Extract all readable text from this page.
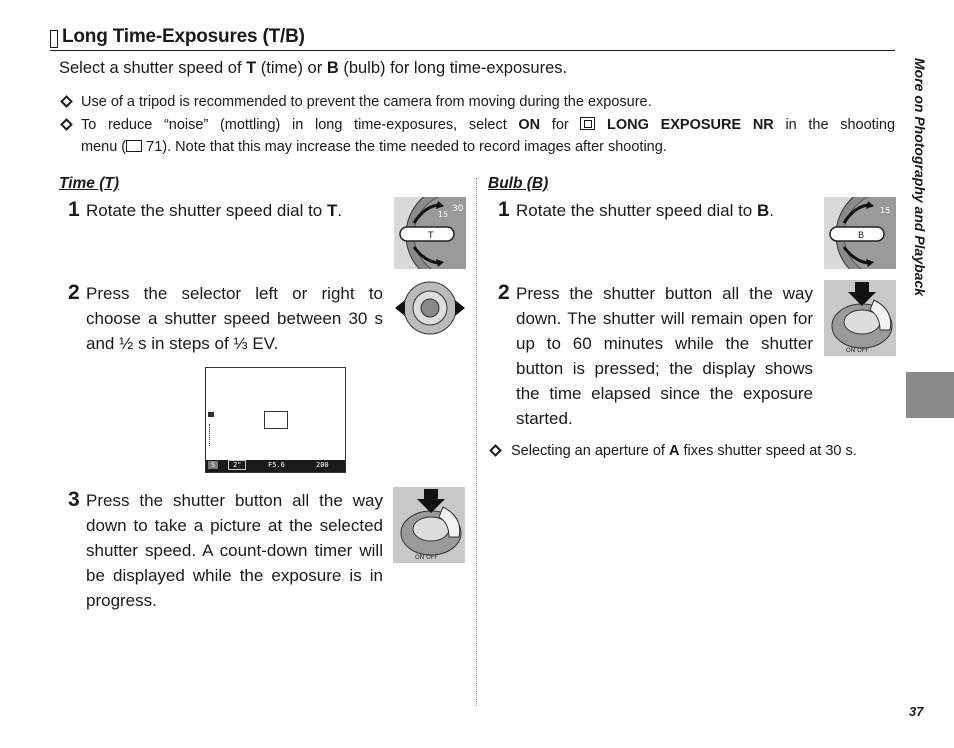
Long Time-Exposures (T/B)
Select a shutter speed of T (time) or B (bulb) for long time-exposures.
Use of a tripod is recommended to prevent the camera from moving during the exposure.
To reduce “noise” (mottling) in long time-exposures, select ON for  LONG EXPOSURE NR in the shooting
menu ( 71). Note that this may increase the time needed to record images after shooting.
Time (T)
1 Rotate the shutter speed dial to T.	30
15
T
2 Press the selector left or right to choose a shutter speed between 30 s and ½ s in steps of ⅓ EV.
S	2"	F5.6	200
3 Press the shutter button all the way down to take a picture at the selected shutter speed. A count-down timer will be displayed while the exposure is in progress.
ON OFF
Bulb (B)
1 Rotate the shutter speed dial to B.	15
B
2 Press the shutter button all the way down. The shutter will remain open for up to 60 minutes while the shutter button is pressed; the display shows the time elapsed since the exposure started.
ON OFF
Selecting an aperture of A fixes shutter speed at 30 s.
More on Photography and Playback
37
